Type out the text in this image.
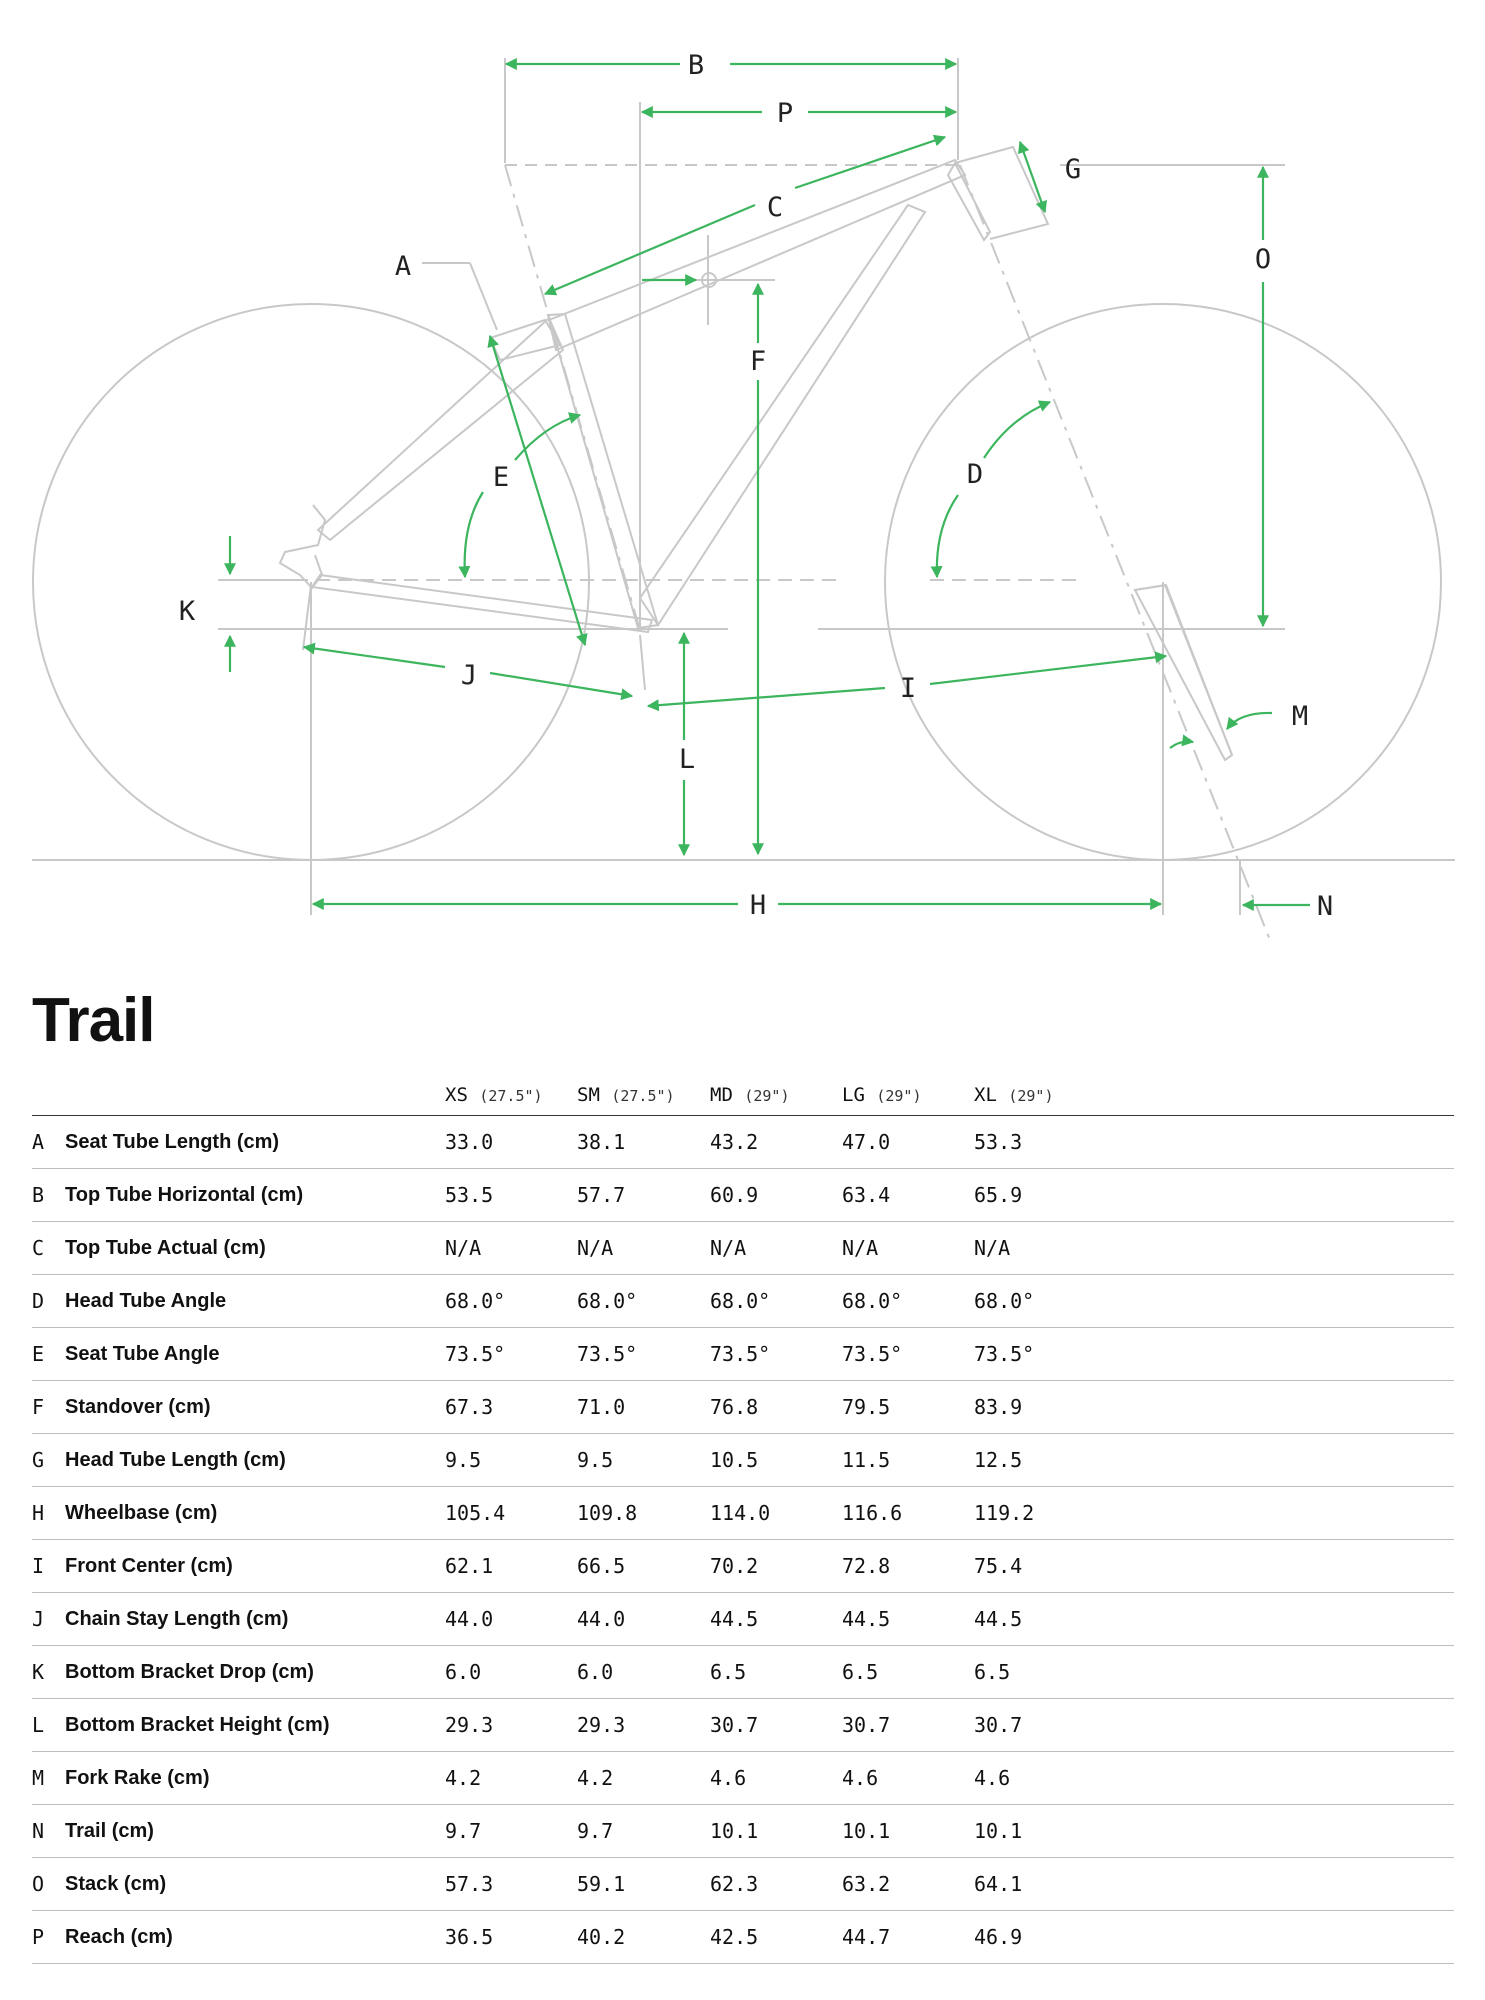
B
P
G
C
O
A
F
E	D
K
J	I
M
L
H	N
Trail
		XS (27.5")	SM (27.5")	MD (29")	LG (29")	XL (29")	
A	Seat Tube Length (cm)	33.0	38.1	43.2	47.0	53.3	
B	Top Tube Horizontal (cm)	53.5	57.7	60.9	63.4	65.9	
C	Top Tube Actual (cm)	N/A	N/A	N/A	N/A	N/A	
D	Head Tube Angle	68.0°	68.0°	68.0°	68.0°	68.0°	
E	Seat Tube Angle	73.5°	73.5°	73.5°	73.5°	73.5°	
F	Standover (cm)	67.3	71.0	76.8	79.5	83.9	
G	Head Tube Length (cm)	9.5	9.5	10.5	11.5	12.5	
H	Wheelbase (cm)	105.4	109.8	114.0	116.6	119.2	
I	Front Center (cm)	62.1	66.5	70.2	72.8	75.4	
J	Chain Stay Length (cm)	44.0	44.0	44.5	44.5	44.5	
K	Bottom Bracket Drop (cm)	6.0	6.0	6.5	6.5	6.5	
L	Bottom Bracket Height (cm)	29.3	29.3	30.7	30.7	30.7	
M	Fork Rake (cm)	4.2	4.2	4.6	4.6	4.6	
N	Trail (cm)	9.7	9.7	10.1	10.1	10.1	
O	Stack (cm)	57.3	59.1	62.3	63.2	64.1	
P	Reach (cm)	36.5	40.2	42.5	44.7	46.9	
